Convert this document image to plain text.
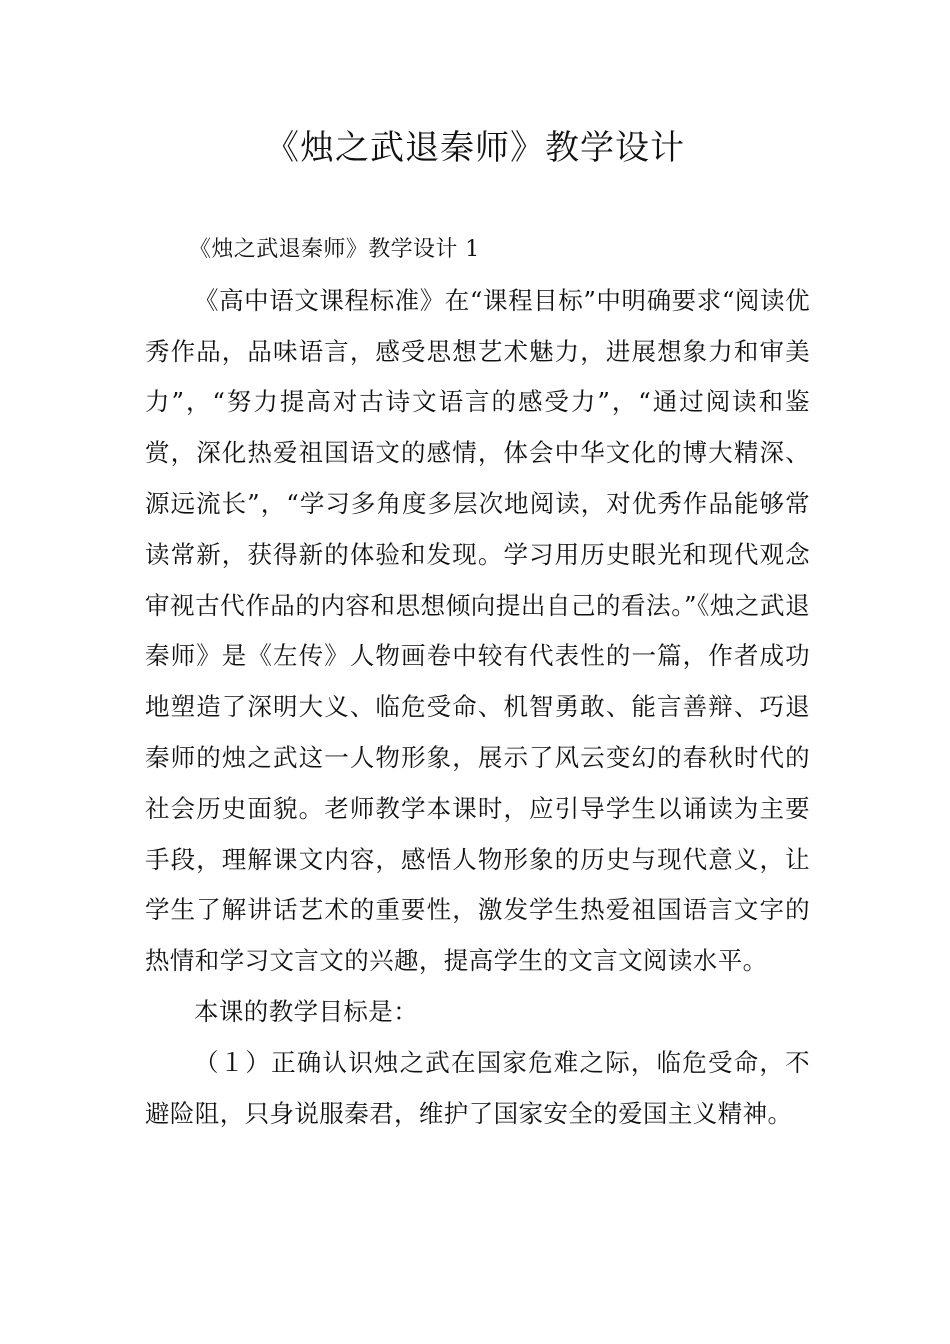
《烛之武退秦师》教学设计

《烛之武退秦师》教学设计 1

《高中语文课程标准》在“课程目标”中明确要求“阅读优秀作品，品味语言，感受思想艺术魅力，进展想象力和审美力”，“努力提高对古诗文语言的感受力”，“通过阅读和鉴赏，深化热爱祖国语文的感情，体会中华文化的博大精深、源远流长”，“学习多角度多层次地阅读，对优秀作品能够常读常新，获得新的体验和发现。学习用历史眼光和现代观念审视古代作品的内容和思想倾向提出自己的看法。”《烛之武退秦师》是《左传》人物画卷中较有代表性的一篇，作者成功地塑造了深明大义、临危受命、机智勇敢、能言善辩、巧退秦师的烛之武这一人物形象，展示了风云变幻的春秋时代的社会历史面貌。老师教学本课时，应引导学生以诵读为主要手段，理解课文内容，感悟人物形象的历史与现代意义，让学生了解讲话艺术的重要性，激发学生热爱祖国语言文字的热情和学习文言文的兴趣，提高学生的文言文阅读水平。

本课的教学目标是：

（１）正确认识烛之武在国家危难之际，临危受命，不避险阻，只身说服秦君，维护了国家安全的爱国主义精神。
